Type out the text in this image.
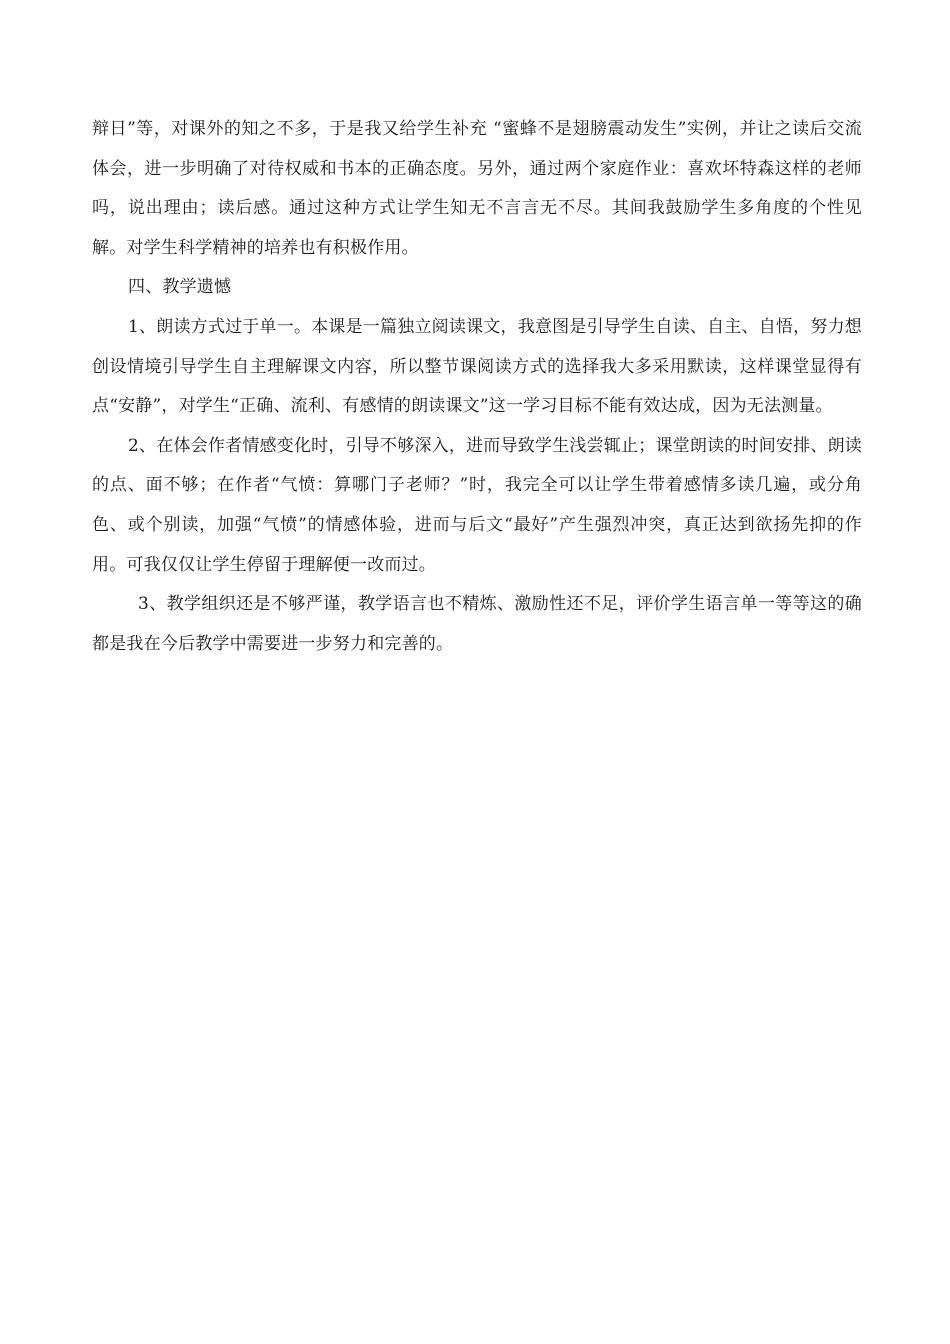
辩日”等，对课外的知之不多，于是我又给学生补充 “蜜蜂不是翅膀震动发生”实例，并让之读后交流体会，进一步明确了对待权威和书本的正确态度。另外，通过两个家庭作业：喜欢坏特森这样的老师吗，说出理由；读后感。通过这种方式让学生知无不言言无不尽。其间我鼓励学生多角度的个性见解。对学生科学精神的培养也有积极作用。

四、教学遗憾

1、朗读方式过于单一。本课是一篇独立阅读课文，我意图是引导学生自读、自主、自悟，努力想创设情境引导学生自主理解课文内容，所以整节课阅读方式的选择我大多采用默读，这样课堂显得有点“安静”，对学生“正确、流利、有感情的朗读课文”这一学习目标不能有效达成，因为无法测量。

2、在体会作者情感变化时，引导不够深入，进而导致学生浅尝辄止；课堂朗读的时间安排、朗读的点、面不够；在作者“气愤：算哪门子老师？”时，我完全可以让学生带着感情多读几遍，或分角色、或个别读，加强“气愤”的情感体验，进而与后文“最好”产生强烈冲突，真正达到欲扬先抑的作用。可我仅仅让学生停留于理解便一改而过。

3、教学组织还是不够严谨，教学语言也不精炼、激励性还不足，评价学生语言单一等等这的确都是我在今后教学中需要进一步努力和完善的。
